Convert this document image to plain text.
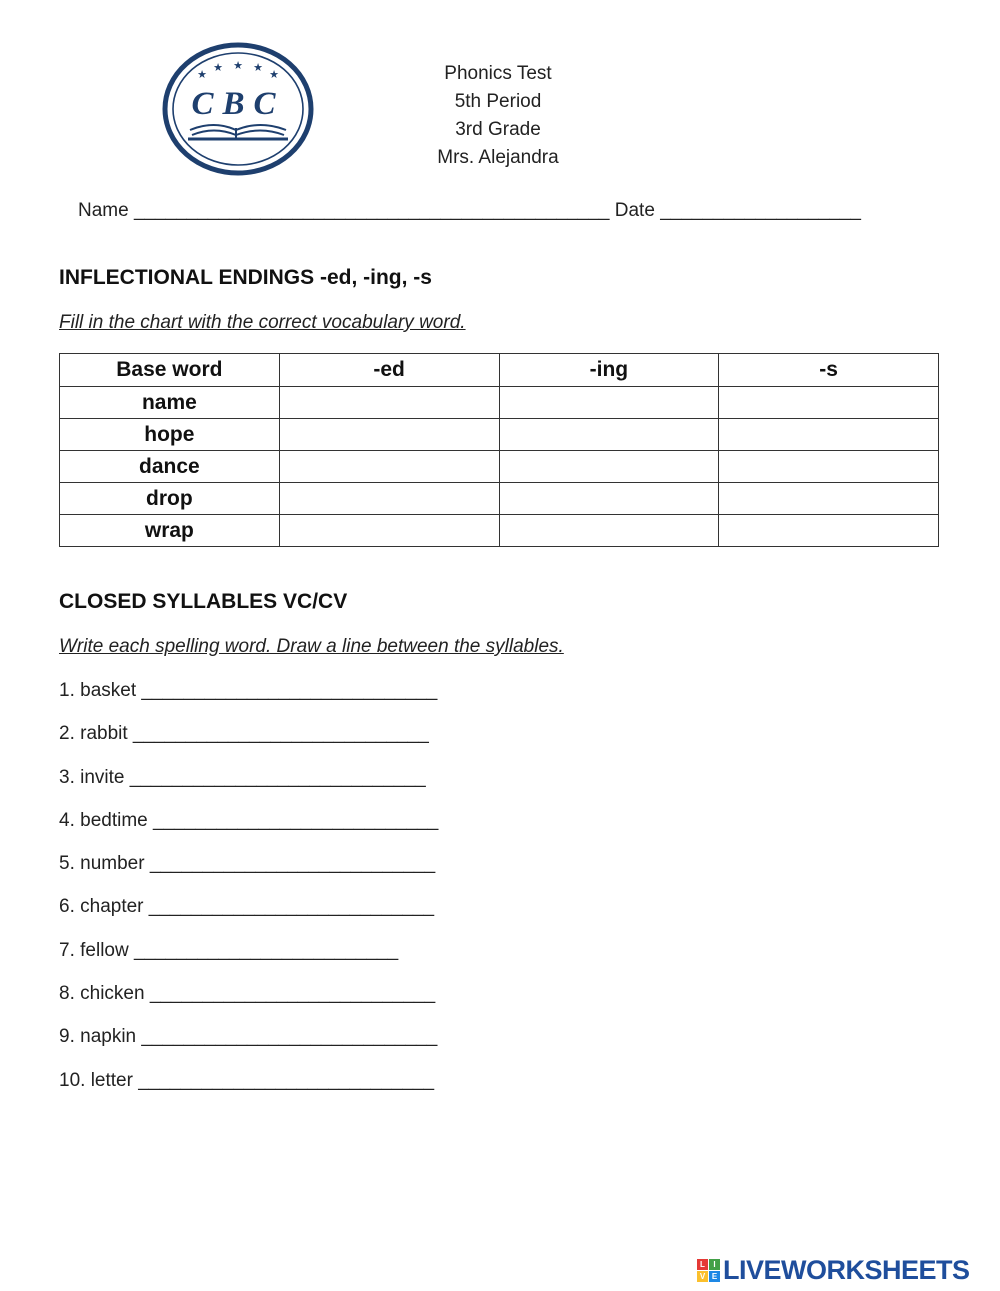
★
★ ★ ★
★
CBC
Phonics Test
5th Period
3rd Grade
Mrs. Alejandra
Name _____________________________________________ Date ___________________
INFLECTIONAL ENDINGS -ed, -ing, -s
Fill in the chart with the correct vocabulary word.
Base word	-ed	-ing	-s
name			
hope			
dance			
drop			
wrap			
CLOSED SYLLABLES VC/CV
Write each spelling word. Draw a line between the syllables.
1. basket ____________________________
2. rabbit ____________________________
3. invite ____________________________
4. bedtime ___________________________
5. number ___________________________
6. chapter ___________________________
7. fellow _________________________
8. chicken ___________________________
9. napkin ____________________________
10. letter ____________________________
L	I
V E LIVEWORKSHEETS
